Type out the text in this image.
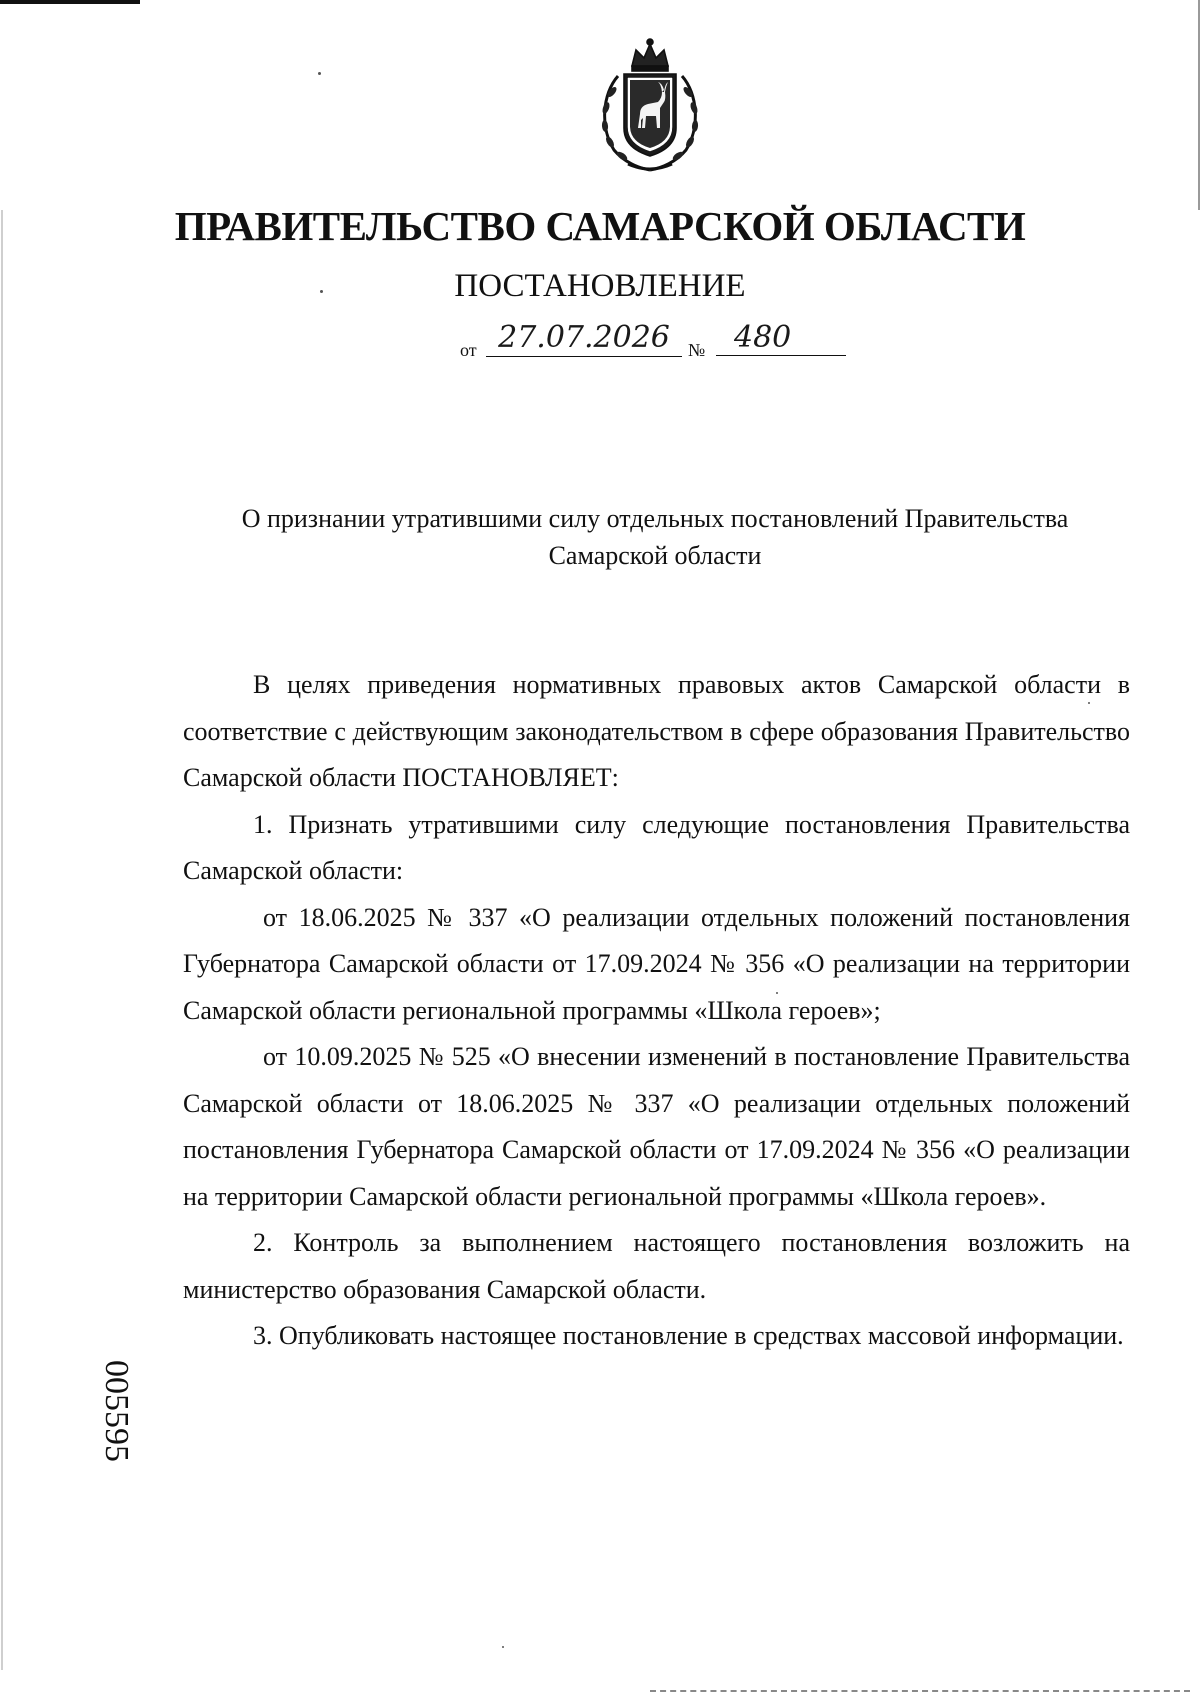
ПРАВИТЕЛЬСТВО САМАРСКОЙ ОБЛАСТИ
ПОСТАНОВЛЕНИЕ
от 27.07.2026	№ 480
О признании утратившими силу отдельных постановлений Правительства
Самарской области

В целях приведения нормативных правовых актов Самарской области в соответствие с действующим законодательством в сфере образования Правительство Самарской области ПОСТАНОВЛЯЕТ:

1. Признать утратившими силу следующие постановления Правительства Самарской области:

от 18.06.2025 № 337 «О реализации отдельных положений постановления Губернатора Самарской области от 17.09.2024 № 356 «О реализации на территории Самарской области региональной программы «Школа героев»;

от 10.09.2025 № 525 «О внесении изменений в постановление Правительства Самарской области от 18.06.2025 № 337 «О реализации отдельных положений постановления Губернатора Самарской области от 17.09.2024 № 356 «О реализации на территории Самарской области региональной программы «Школа героев».

2. Контроль за выполнением настоящего постановления возложить на министерство образования Самарской области.

3. Опубликовать настоящее постановление в средствах массовой информации.

005595
